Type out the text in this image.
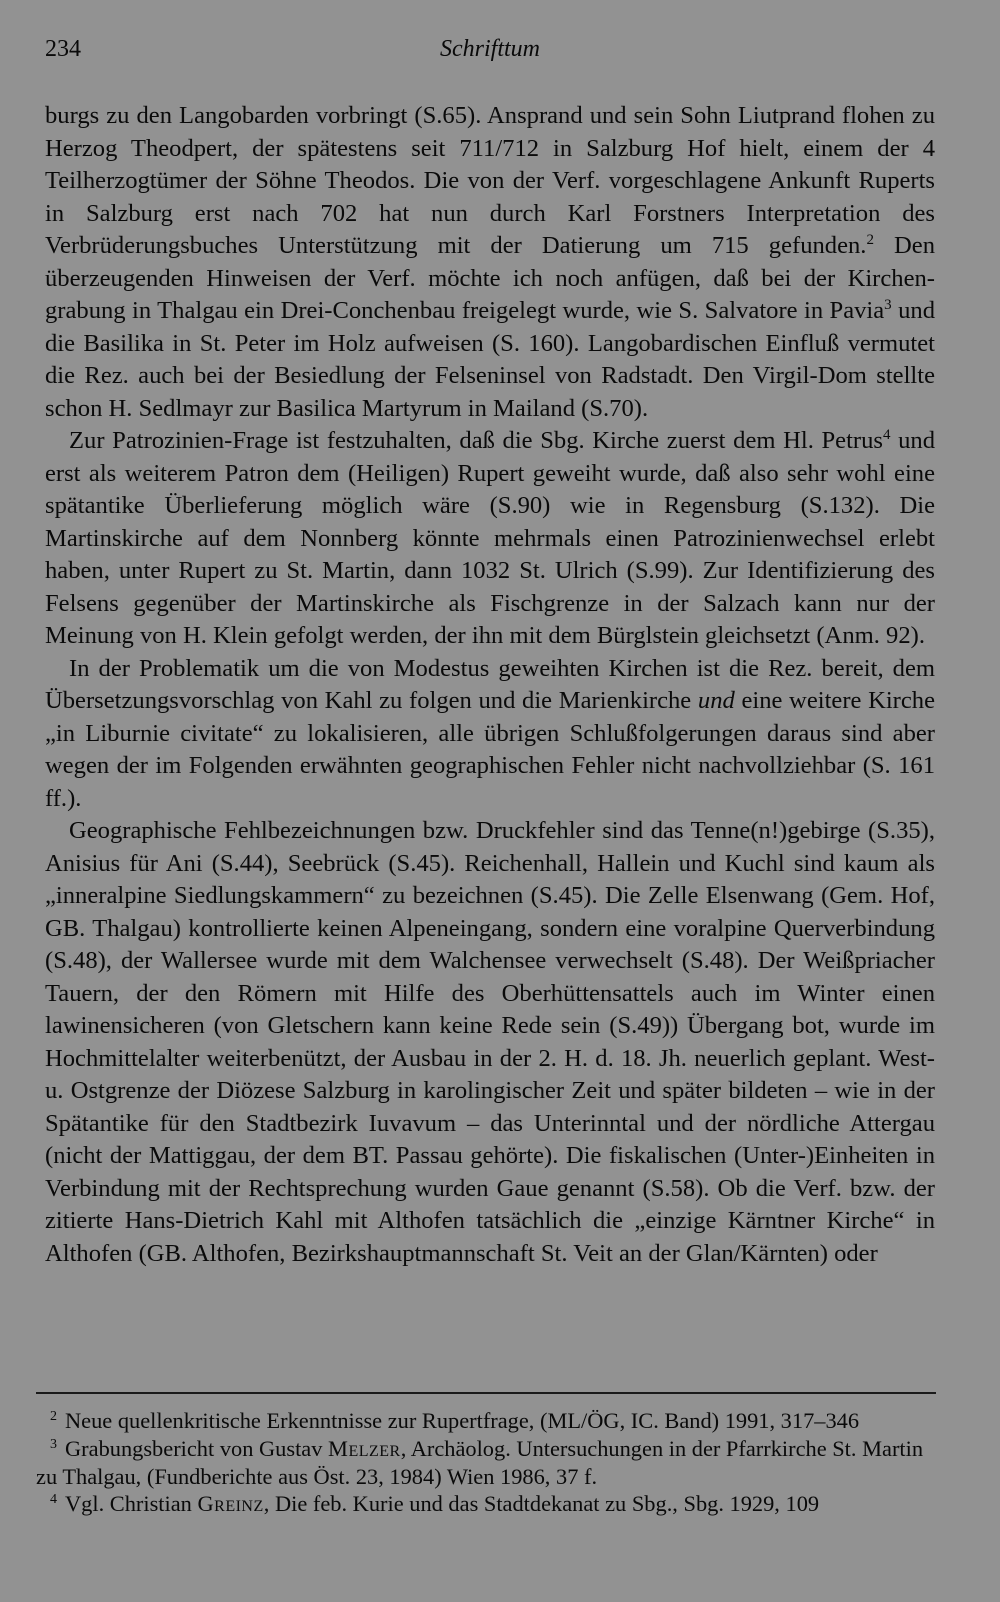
234	Schrifttum

burgs zu den Langobarden vorbringt (S.65). Ansprand und sein Sohn Liutprand flohen zu Herzog Theodpert, der spätestens seit 711/712 in Salzburg Hof hielt, einem der 4 Teilherzogtümer der Söhne Theodos. Die von der Verf. vorgeschlagene Ankunft Ruperts in Salzburg erst nach 702 hat nun durch Karl Forstners Interpretation des Verbrüderungsbuches Unterstützung mit der Datierung um 715 gefunden.$^2$ Den überzeugenden Hinweisen der Verf. möchte ich noch anfügen, daß bei der Kirchengrabung in Thalgau ein Drei-Conchenbau freigelegt wurde, wie S. Salvatore in Pavia$^3$ und die Basilika in St. Peter im Holz aufweisen (S. 160). Langobardischen Einfluß vermutet die Rez. auch bei der Besiedlung der Felseninsel von Radstadt. Den Virgil-Dom stellte schon H. Sedlmayr zur Basilica Martyrum in Mailand (S.70).

Zur Patrozinien-Frage ist festzuhalten, daß die Sbg. Kirche zuerst dem Hl. Petrus$^4$ und erst als weiterem Patron dem (Heiligen) Rupert geweiht wurde, daß also sehr wohl eine spätantike Überlieferung möglich wäre (S.90) wie in Regensburg (S.132). Die Martinskirche auf dem Nonnberg könnte mehrmals einen Patrozinienwechsel erlebt haben, unter Rupert zu St. Martin, dann 1032 St. Ulrich (S.99). Zur Identifizierung des Felsens gegenüber der Martinskirche als Fischgrenze in der Salzach kann nur der Meinung von H. Klein gefolgt werden, der ihn mit dem Bürglstein gleichsetzt (Anm. 92).

In der Problematik um die von Modestus geweihten Kirchen ist die Rez. bereit, dem Übersetzungsvorschlag von Kahl zu folgen und die Marienkirche und eine weitere Kirche „in Liburnie civitate“ zu lokalisieren, alle übrigen Schlußfolgerungen daraus sind aber wegen der im Folgenden erwähnten geographischen Fehler nicht nachvollziehbar (S. 161 ff.).

Geographische Fehlbezeichnungen bzw. Druckfehler sind das Tenne(n!)gebirge (S.35), Anisius für Ani (S.44), Seebrück (S.45). Reichenhall, Hallein und Kuchl sind kaum als „inneralpine Siedlungskammern“ zu bezeichnen (S.45). Die Zelle Elsenwang (Gem. Hof, GB. Thalgau) kontrollierte keinen Alpeneingang, sondern eine voralpine Querverbindung (S.48), der Wallersee wurde mit dem Walchensee verwechselt (S.48). Der Weißpriacher Tauern, der den Römern mit Hilfe des Oberhüttensattels auch im Winter einen lawinensicheren (von Gletschern kann keine Rede sein (S.49)) Übergang bot, wurde im Hochmittelalter weiterbenützt, der Ausbau in der 2. H. d. 18. Jh. neuerlich geplant. West- u. Ostgrenze der Diözese Salzburg in karolingischer Zeit und später bildeten – wie in der Spätantike für den Stadtbezirk Iuvavum – das Unterinntal und der nördliche Attergau (nicht der Mattiggau, der dem BT. Passau gehörte). Die fiskalischen (Unter-)Einheiten in Verbindung mit der Rechtsprechung wurden Gaue genannt (S.58). Ob die Verf. bzw. der zitierte Hans-Dietrich Kahl mit Althofen tatsächlich die „einzige Kärntner Kirche“ in Althofen (GB. Althofen, Bezirkshauptmannschaft St. Veit an der Glan/Kärnten) oder

$^2$ Neue quellenkritische Erkenntnisse zur Rupertfrage, (ML/ÖG, IC. Band) 1991, 317–346

$^3$ Grabungsbericht von Gustav Melzer, Archäolog. Untersuchungen in der Pfarrkirche St. Martin zu Thalgau, (Fundberichte aus Öst. 23, 1984) Wien 1986, 37 f.

$^4$ Vgl. Christian Greinz, Die feb. Kurie und das Stadtdekanat zu Sbg., Sbg. 1929, 109
